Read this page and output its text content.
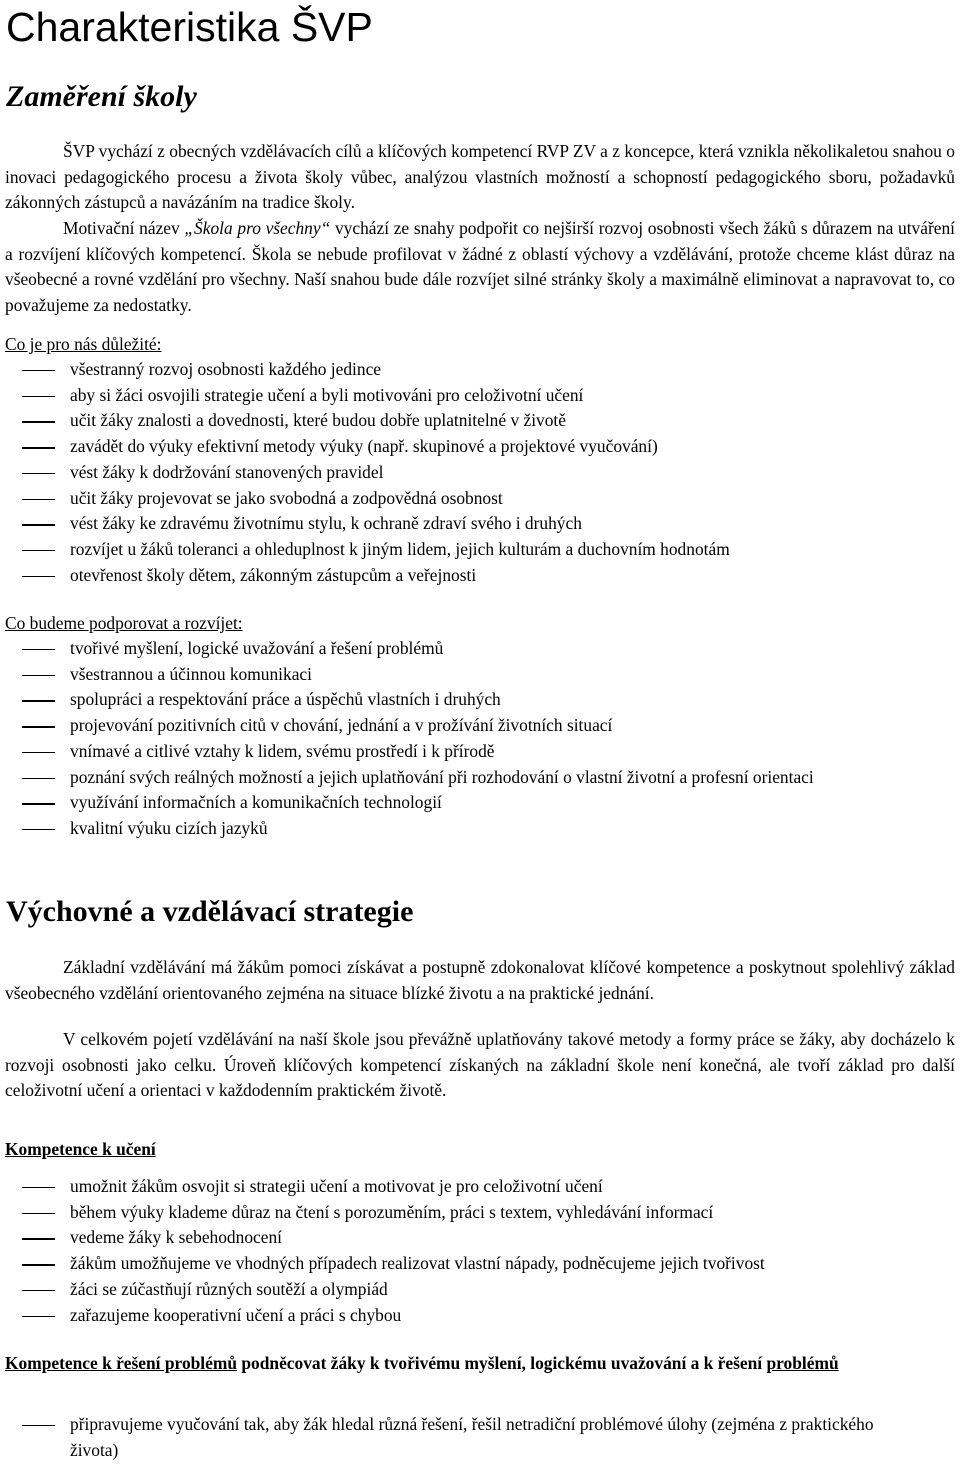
Charakteristika ŠVP
Zaměření školy

ŠVP vychází z obecných vzdělávacích cílů a klíčových kompetencí RVP ZV a z koncepce, která vznikla několikaletou snahou o inovaci pedagogického procesu a života školy vůbec, analýzou vlastních možností a schopností pedagogického sboru, požadavků zákonných zástupců a navázáním na tradice školy.

Motivační název „Škola pro všechny“ vychází ze snahy podpořit co nejširší rozvoj osobnosti všech žáků s důrazem na utváření a rozvíjení klíčových kompetencí. Škola se nebude profilovat v žádné z oblastí výchovy a vzdělávání, protože chceme klást důraz na všeobecné a rovné vzdělání pro všechny. Naší snahou bude dále rozvíjet silné stránky školy a maximálně eliminovat a napravovat to, co považujeme za nedostatky.

Co je pro nás důležité:
všestranný rozvoj osobnosti každého jedince
aby si žáci osvojili strategie učení a byli motivováni pro celoživotní učení
učit žáky znalosti a dovednosti, které budou dobře uplatnitelné v životě
zavádět do výuky efektivní metody výuky (např. skupinové a projektové vyučování)
vést žáky k dodržování stanovených pravidel
učit žáky projevovat se jako svobodná a zodpovědná osobnost
vést žáky ke zdravému životnímu stylu, k ochraně zdraví svého i druhých
rozvíjet u žáků toleranci a ohleduplnost k jiným lidem, jejich kulturám a duchovním hodnotám
otevřenost školy dětem, zákonným zástupcům a veřejnosti
Co budeme podporovat a rozvíjet:
tvořivé myšlení, logické uvažování a řešení problémů
všestrannou a účinnou komunikaci
spolupráci a respektování práce a úspěchů vlastních i druhých
projevování pozitivních citů v chování, jednání a v prožívání životních situací
vnímavé a citlivé vztahy k lidem, svému prostředí i k přírodě
poznání svých reálných možností a jejich uplatňování při rozhodování o vlastní životní a profesní orientaci
využívání informačních a komunikačních technologií
kvalitní výuku cizích jazyků
Výchovné a vzdělávací strategie

Základní vzdělávání má žákům pomoci získávat a postupně zdokonalovat klíčové kompetence a poskytnout spolehlivý základ všeobecného vzdělání orientovaného zejména na situace blízké životu a na praktické jednání.

V celkovém pojetí vzdělávání na naší škole jsou převážně uplatňovány takové metody a formy práce se žáky, aby docházelo k rozvoji osobnosti jako celku. Úroveň klíčových kompetencí získaných na základní škole není konečná, ale tvoří základ pro další celoživotní učení a orientaci v každodenním praktickém životě.

Kompetence k učení
umožnit žákům osvojit si strategii učení a motivovat je pro celoživotní učení
během výuky klademe důraz na čtení s porozuměním, práci s textem, vyhledávání informací
vedeme žáky k sebehodnocení
žákům umožňujeme ve vhodných případech realizovat vlastní nápady, podněcujeme jejich tvořivost
žáci se zúčastňují různých soutěží a olympiád
zařazujeme kooperativní učení a práci s chybou

Kompetence k řešení problémů podněcovat žáky k tvořivému myšlení, logickému uvažování a k řešení problémů

připravujeme vyučování tak, aby žák hledal různá řešení, řešil netradiční problémové úlohy (zejména z praktického života)
